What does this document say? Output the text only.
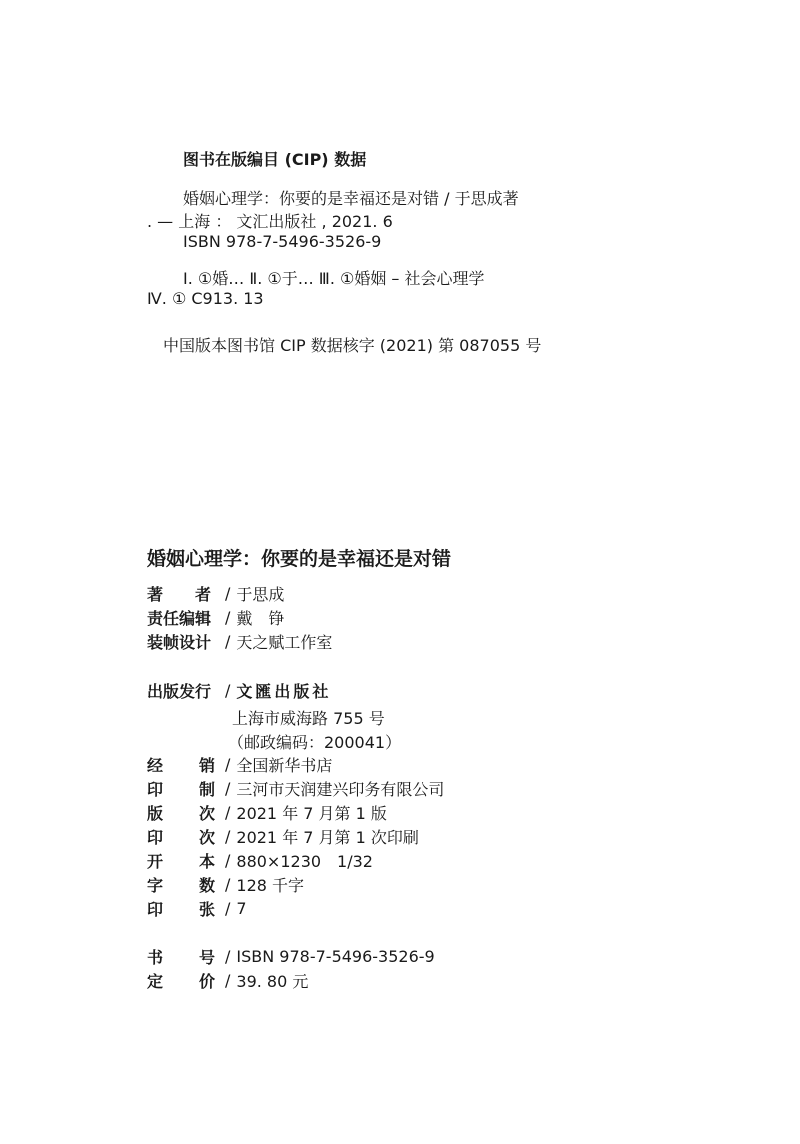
图书在版编目 (CIP) 数据
婚姻心理学：你要的是幸福还是对错 / 于思成著
. — 上海 ： 文汇出版社 , 2021. 6
ISBN 978-7-5496-3526-9
Ⅰ. ①婚… Ⅱ. ①于… Ⅲ. ①婚姻 – 社会心理学
Ⅳ. ① C913. 13
中国版本图书馆 CIP 数据核字 (2021) 第 087055 号
婚姻心理学：你要的是幸福还是对错
著　　者 / 于思成
责任编辑 / 戴　铮
装帧设计 / 天之赋工作室
出版发行 / 文匯出版社
上海市威海路 755 号
（邮政编码：200041）
经 销 / 全国新华书店
印 制 / 三河市天润建兴印务有限公司
版 次 / 2021 年 7 月第 1 版
印 次 / 2021 年 7 月第 1 次印刷
开 本 / 880×1230　1/32
字 数 / 128 千字
印 张 / 7
书 号 / ISBN 978-7-5496-3526-9
定 价 / 39. 80 元
